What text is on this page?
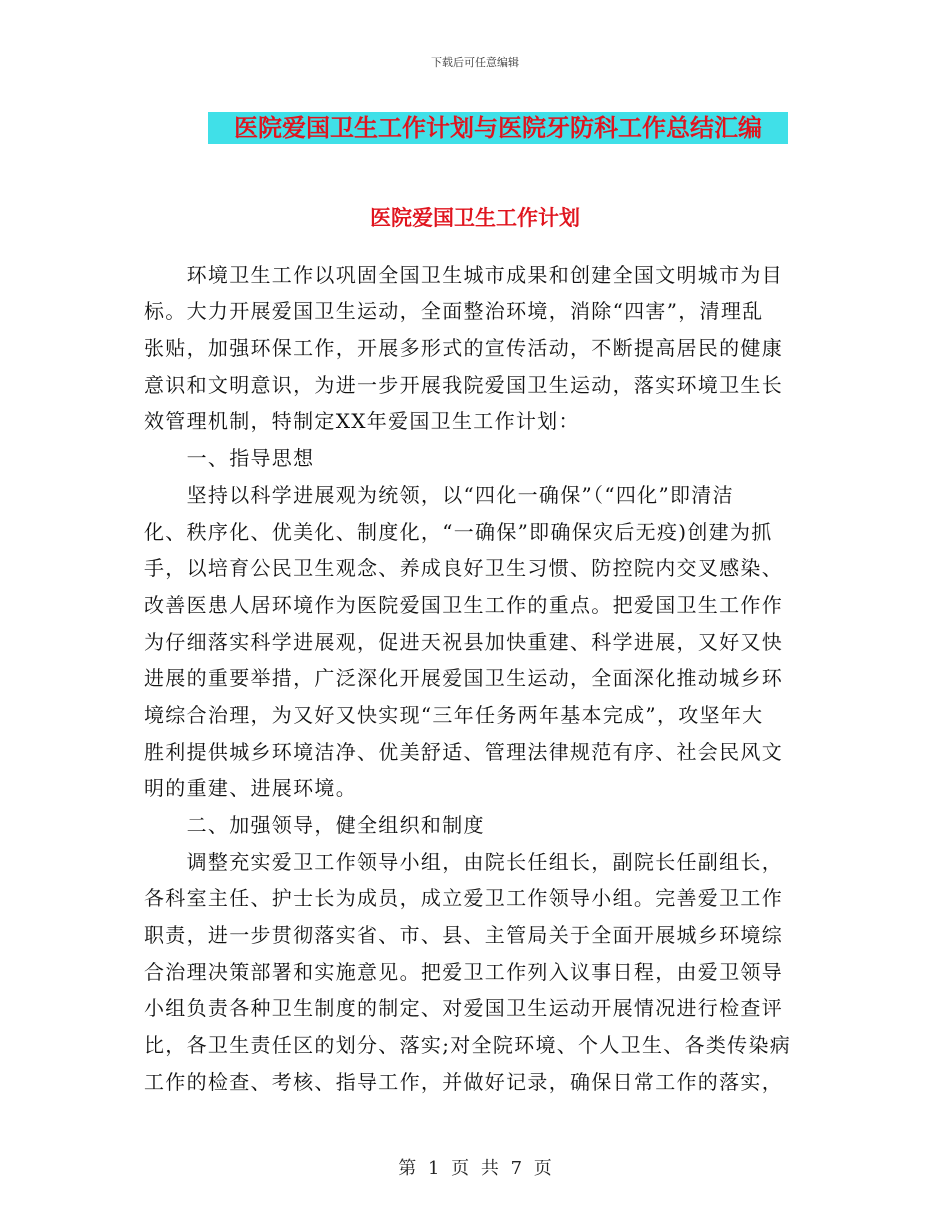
下载后可任意编辑
医院爱国卫生工作计划与医院牙防科工作总结汇编
医院爱国卫生工作计划
　　环境卫生工作以巩固全国卫生城市成果和创建全国文明城市为目
标。大力开展爱国卫生运动，全面整治环境，消除“四害”，清理乱
张贴，加强环保工作，开展多形式的宣传活动，不断提高居民的健康
意识和文明意识，为进一步开展我院爱国卫生运动，落实环境卫生长
效管理机制，特制定XX年爱国卫生工作计划：
　　一、指导思想
　　坚持以科学进展观为统领，以“四化一确保”（“四化”即清洁
化、秩序化、优美化、制度化，“一确保”即确保灾后无疫)创建为抓
手，以培育公民卫生观念、养成良好卫生习惯、防控院内交叉感染、
改善医患人居环境作为医院爱国卫生工作的重点。把爱国卫生工作作
为仔细落实科学进展观，促进天祝县加快重建、科学进展，又好又快
进展的重要举措，广泛深化开展爱国卫生运动，全面深化推动城乡环
境综合治理，为又好又快实现“三年任务两年基本完成”，攻坚年大
胜利提供城乡环境洁净、优美舒适、管理法律规范有序、社会民风文
明的重建、进展环境。
　　二、加强领导，健全组织和制度
　　调整充实爱卫工作领导小组，由院长任组长，副院长任副组长，
各科室主任、护士长为成员，成立爱卫工作领导小组。完善爱卫工作
职责，进一步贯彻落实省、市、县、主管局关于全面开展城乡环境综
合治理决策部署和实施意见。把爱卫工作列入议事日程，由爱卫领导
小组负责各种卫生制度的制定、对爱国卫生运动开展情况进行检查评
比，各卫生责任区的划分、落实;对全院环境、个人卫生、各类传染病
工作的检查、考核、指导工作，并做好记录，确保日常工作的落实，
第 1 页 共 7 页
